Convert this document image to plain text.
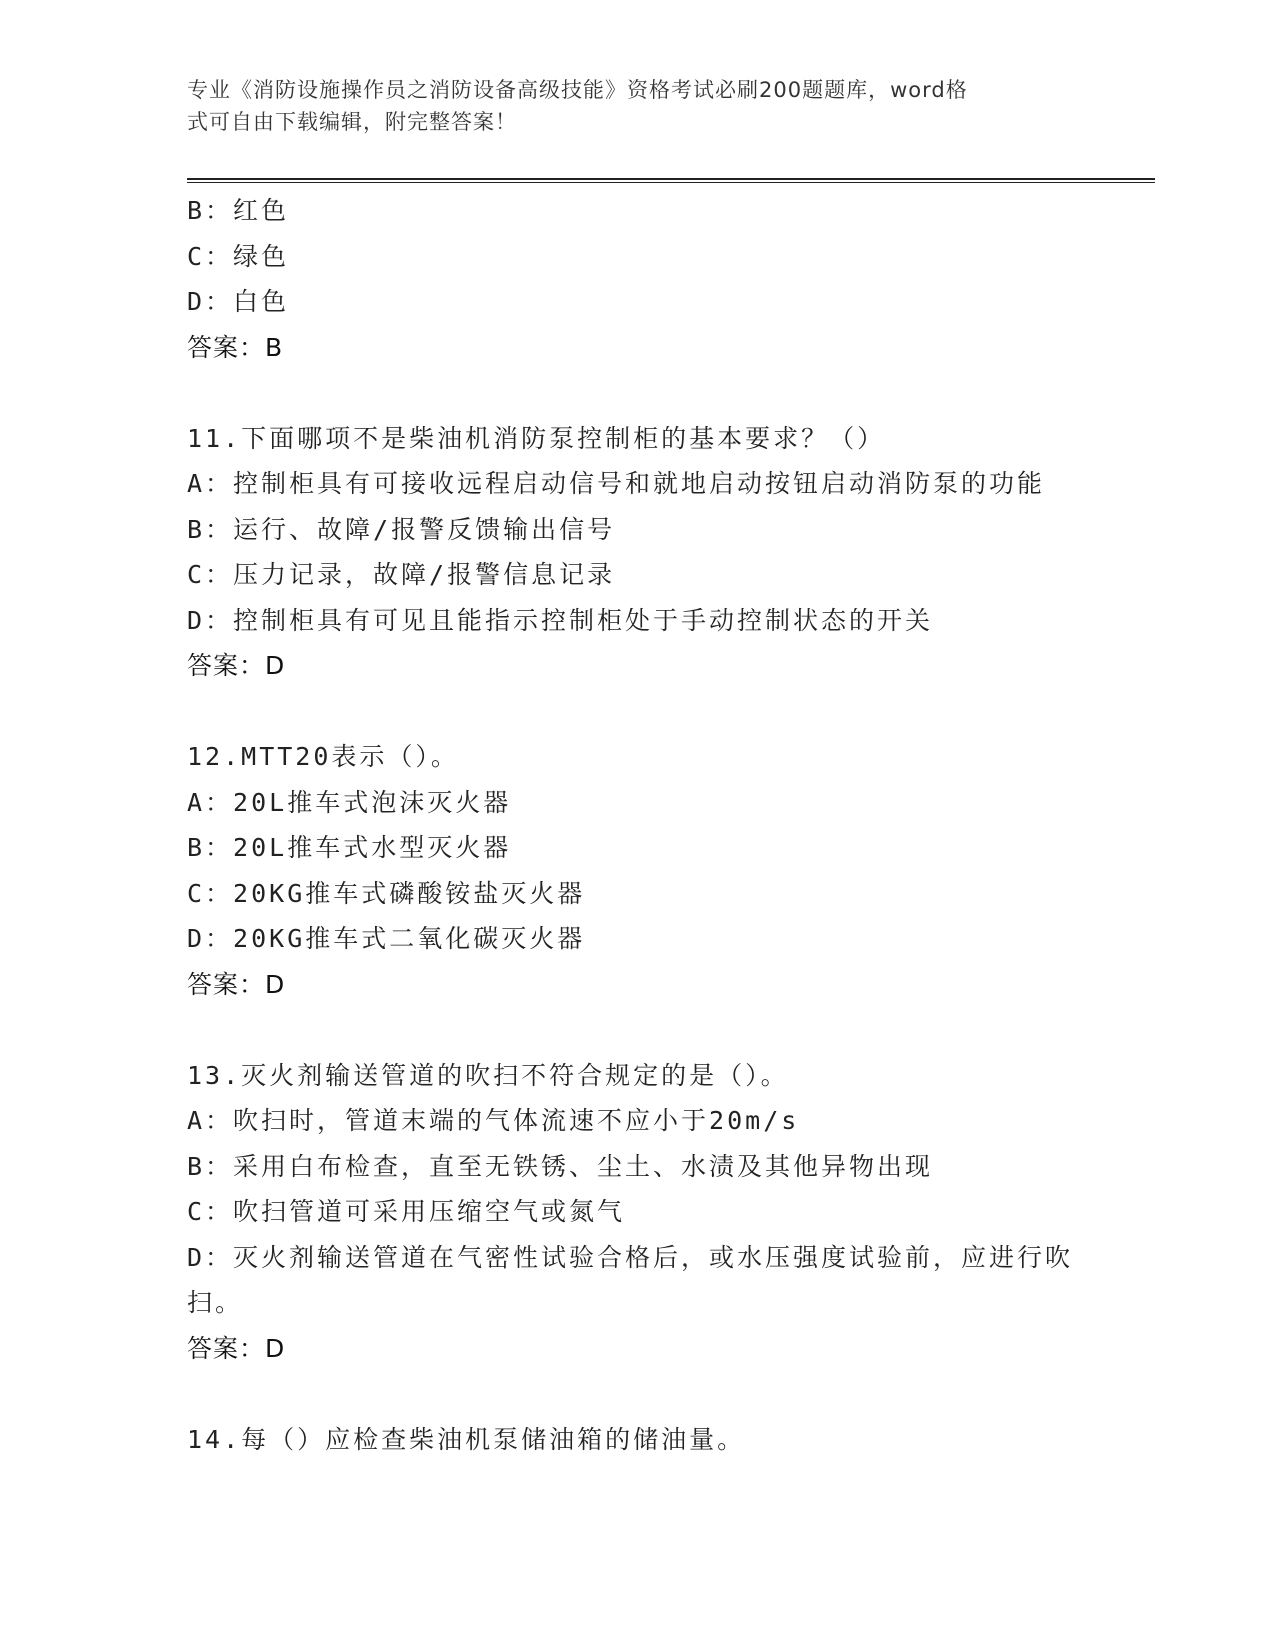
专业《消防设施操作员之消防设备高级技能》资格考试必刷200题题库，word格
式可自由下载编辑，附完整答案！
B：红色
C：绿色
D：白色
答案：B
11.下面哪项不是柴油机消防泵控制柜的基本要求？（）
A：控制柜具有可接收远程启动信号和就地启动按钮启动消防泵的功能
B：运行、故障/报警反馈输出信号
C：压力记录，故障/报警信息记录
D：控制柜具有可见且能指示控制柜处于手动控制状态的开关
答案：D
12.MTT20表示（）。
A：20L推车式泡沫灭火器
B：20L推车式水型灭火器
C：20KG推车式磷酸铵盐灭火器
D：20KG推车式二氧化碳灭火器
答案：D
13.灭火剂输送管道的吹扫不符合规定的是（）。
A：吹扫时，管道末端的气体流速不应小于20m/s
B：采用白布检查，直至无铁锈、尘土、水渍及其他异物出现
C：吹扫管道可采用压缩空气或氮气
D：灭火剂输送管道在气密性试验合格后，或水压强度试验前，应进行吹扫。
答案：D
14.每（）应检查柴油机泵储油箱的储油量。
